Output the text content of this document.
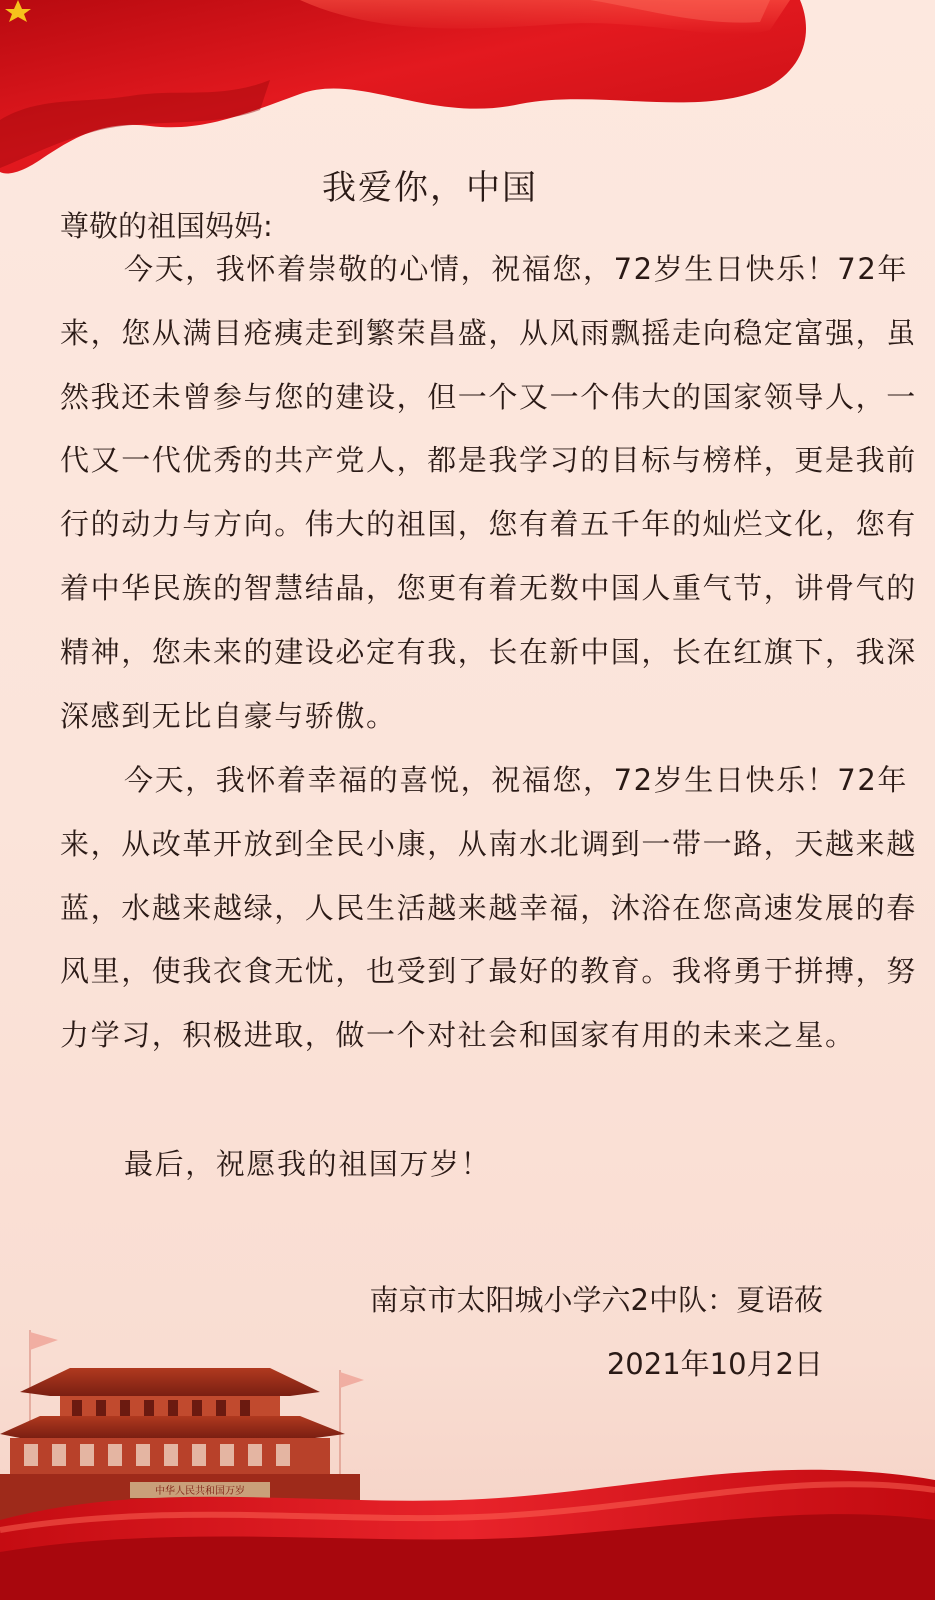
我爱你，中国
尊敬的祖国妈妈:

今天，我怀着崇敬的心情，祝福您，72岁生日快乐！72年来，您从满目疮痍走到繁荣昌盛，从风雨飘摇走向稳定富强，虽然我还未曾参与您的建设，但一个又一个伟大的国家领导人，一代又一代优秀的共产党人，都是我学习的目标与榜样，更是我前行的动力与方向。伟大的祖国，您有着五千年的灿烂文化，您有着中华民族的智慧结晶，您更有着无数中国人重气节，讲骨气的精神，您未来的建设必定有我，长在新中国，长在红旗下，我深深感到无比自豪与骄傲。

今天，我怀着幸福的喜悦，祝福您，72岁生日快乐！72年来，从改革开放到全民小康，从南水北调到一带一路，天越来越蓝，水越来越绿，人民生活越来越幸福，沐浴在您高速发展的春风里，使我衣食无忧，也受到了最好的教育。我将勇于拼搏，努力学习，积极进取，做一个对社会和国家有用的未来之星。

最后，祝愿我的祖国万岁！

南京市太阳城小学六2中队：夏语莜
2021年10月2日
中华人民共和国万岁
